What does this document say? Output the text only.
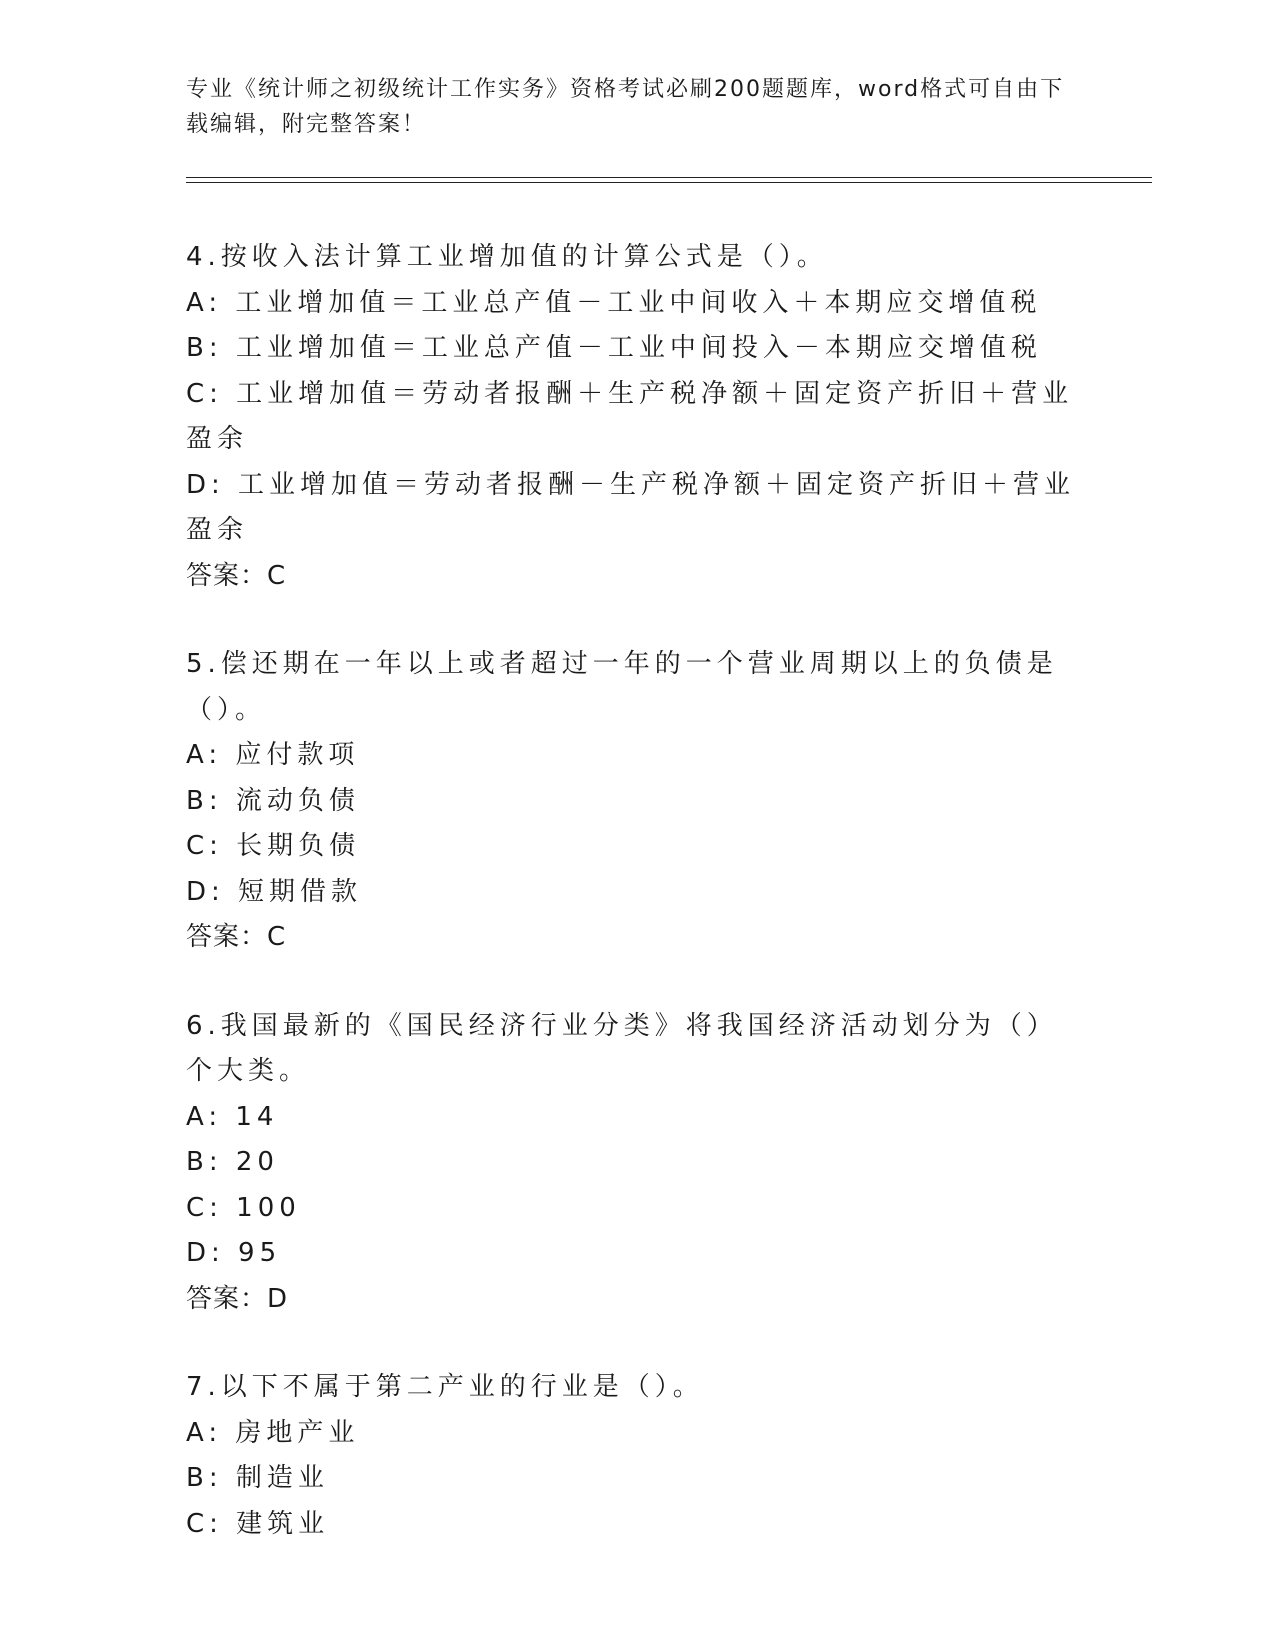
专业《统计师之初级统计工作实务》资格考试必刷200题题库，word格式可自由下载编辑，附完整答案！
4.按收入法计算工业增加值的计算公式是（）。
A: 工业增加值＝工业总产值－工业中间收入＋本期应交增值税
B: 工业增加值＝工业总产值－工业中间投入－本期应交增值税
C: 工业增加值＝劳动者报酬＋生产税净额＋固定资产折旧＋营业盈余
D: 工业增加值＝劳动者报酬－生产税净额＋固定资产折旧＋营业盈余
答案：C
5.偿还期在一年以上或者超过一年的一个营业周期以上的负债是（）。
A: 应付款项
B: 流动负债
C: 长期负债
D: 短期借款
答案：C
6.我国最新的《国民经济行业分类》将我国经济活动划分为（）个大类。
A: 14
B: 20
C: 100
D: 95
答案：D
7.以下不属于第二产业的行业是（）。
A: 房地产业
B: 制造业
C: 建筑业
